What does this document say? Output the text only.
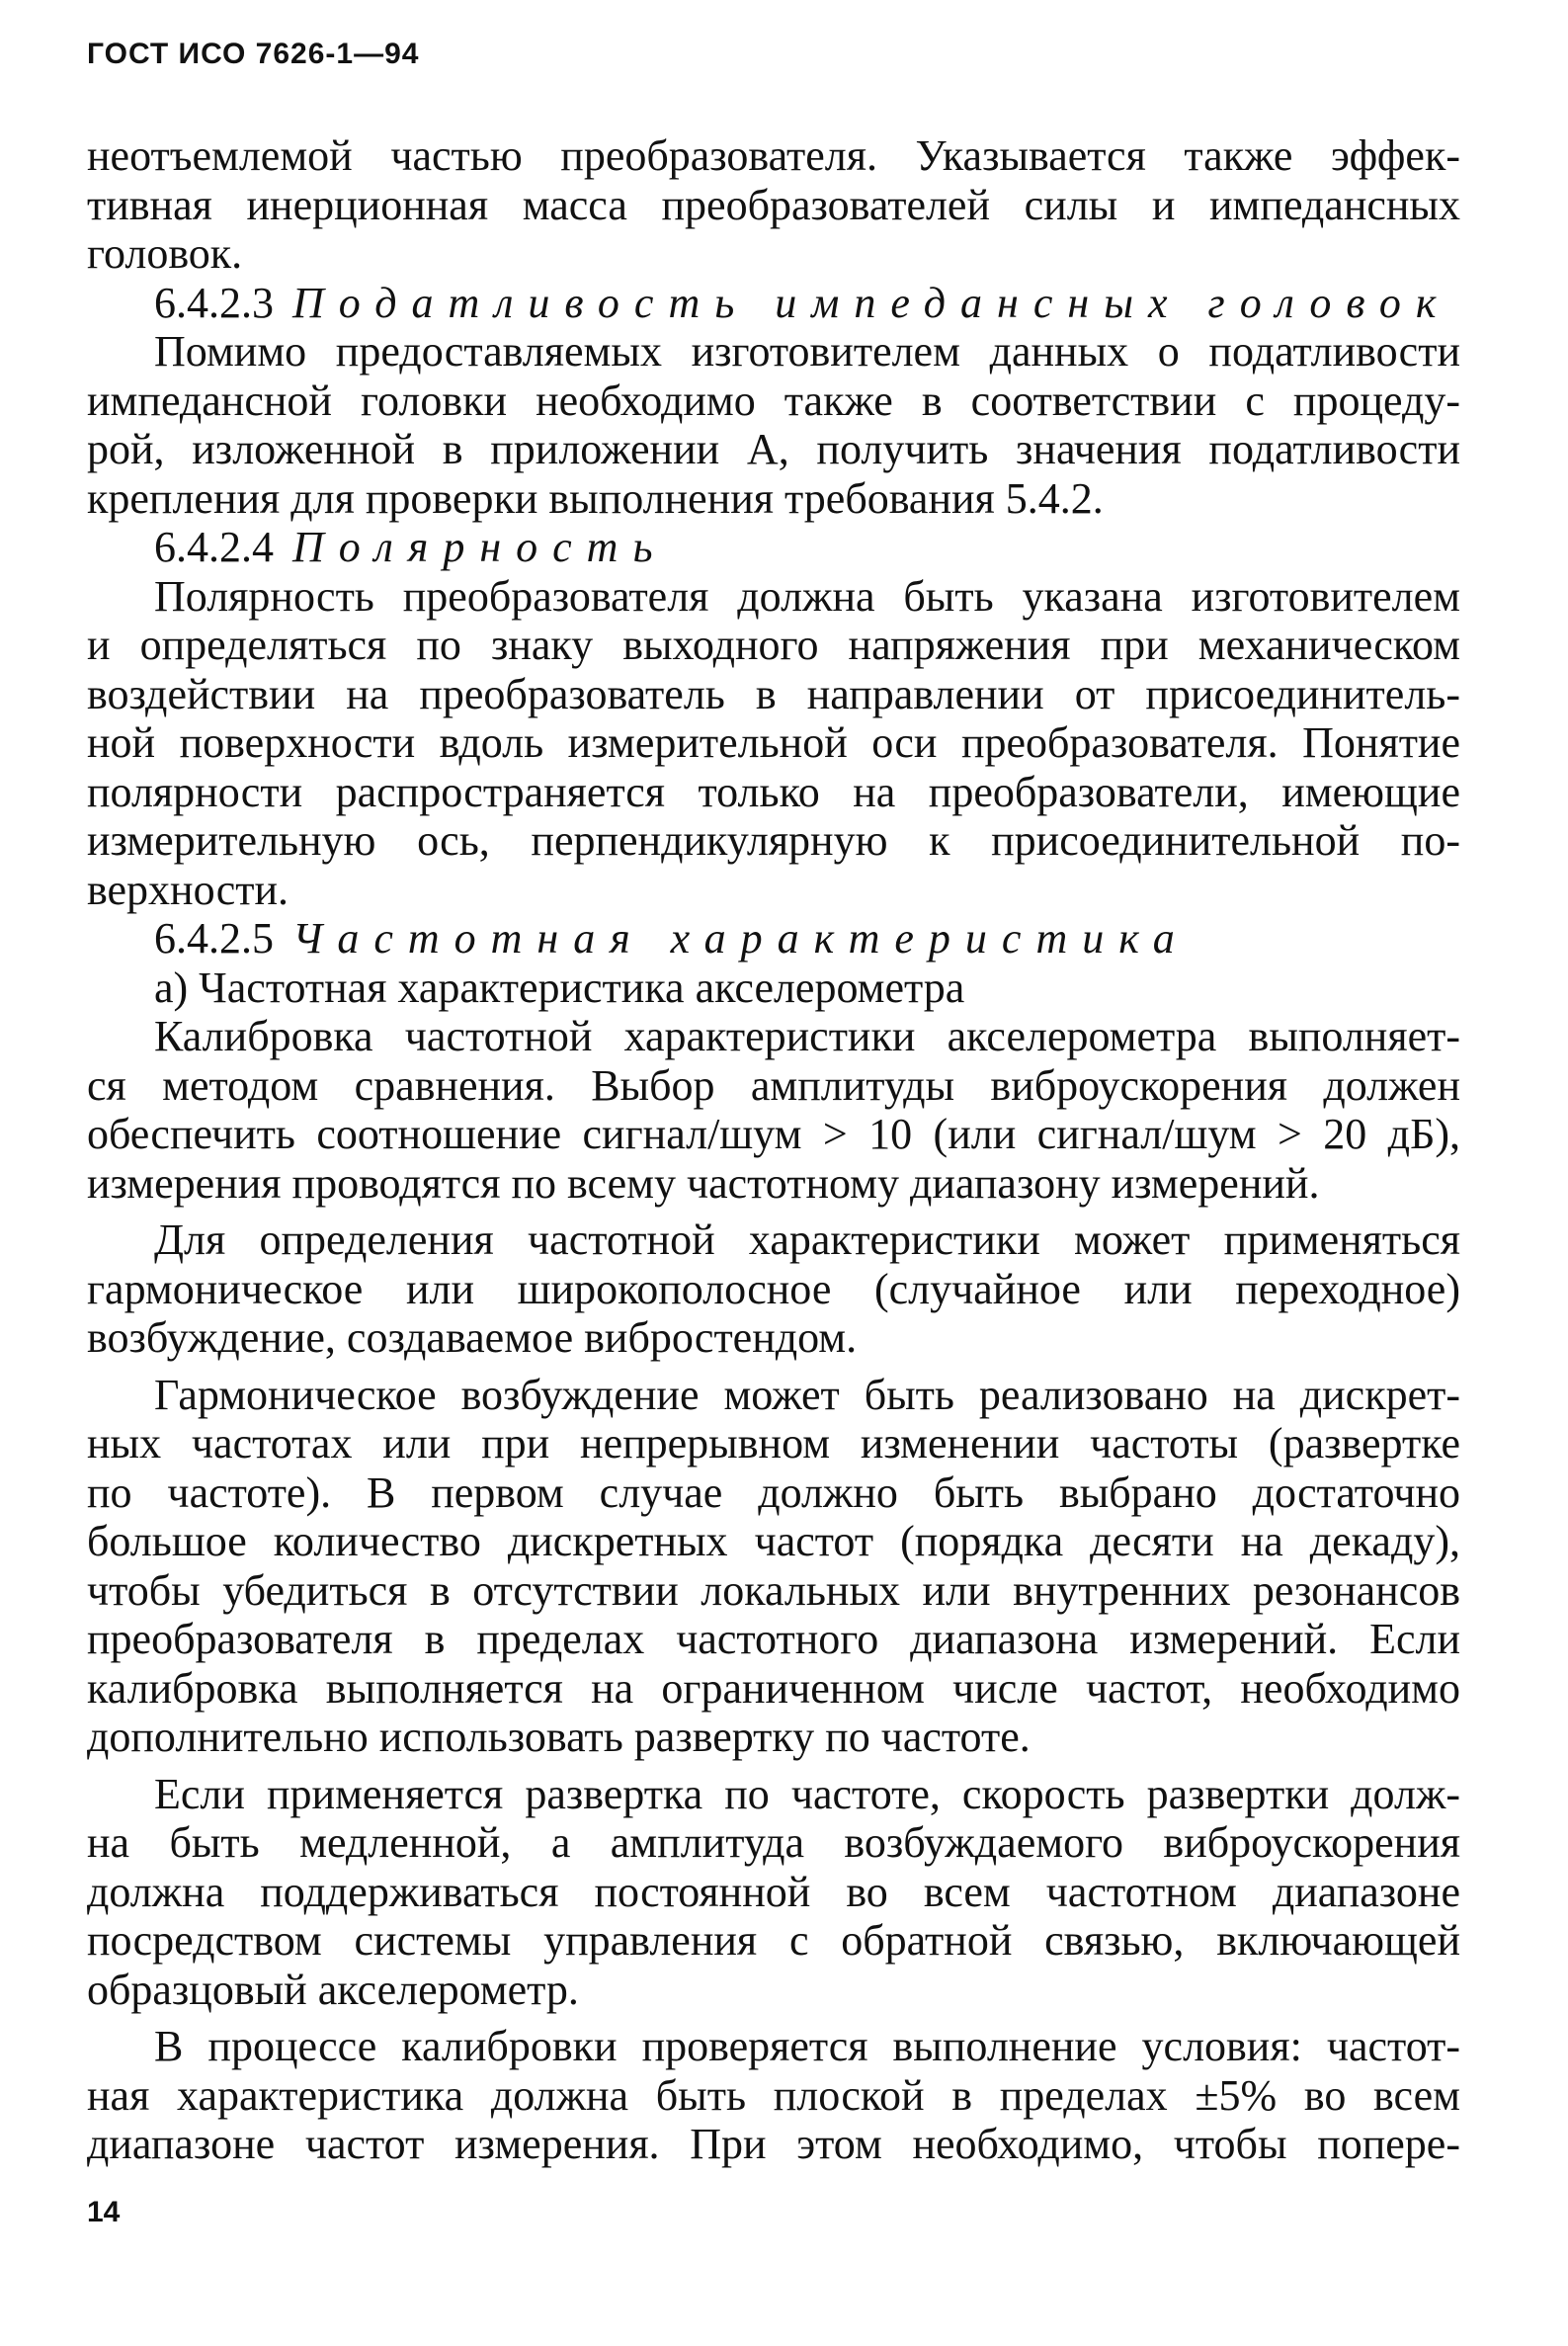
ГОСТ ИСО 7626-1—94
неотъемлемой частью преобразователя. Указывается также эффек-
тивная инерционная масса преобразователей силы и импедансных
головок.
6.4.2.3 Податливость импедансных головок
Помимо предоставляемых изготовителем данных о податливости
импедансной головки необходимо также в соответствии с процеду-
рой, изложенной в приложении А, получить значения податливости
крепления для проверки выполнения требования 5.4.2.
6.4.2.4 Полярность
Полярность преобразователя должна быть указана изготовителем
и определяться по знаку выходного напряжения при механическом
воздействии на преобразователь в направлении от присоединитель-
ной поверхности вдоль измерительной оси преобразователя. Понятие
полярности распространяется только на преобразователи, имеющие
измерительную ось, перпендикулярную к присоединительной по-
верхности.
6.4.2.5 Частотная характеристика
а) Частотная характеристика акселерометра
Калибровка частотной характеристики акселерометра выполняет-
ся методом сравнения. Выбор амплитуды виброускорения должен
обеспечить соотношение сигнал/шум > 10 (или сигнал/шум > 20 дБ),
измерения проводятся по всему частотному диапазону измерений.
Для определения частотной характеристики может применяться
гармоническое или широкополосное (случайное или переходное)
возбуждение, создаваемое вибростендом.
Гармоническое возбуждение может быть реализовано на дискрет-
ных частотах или при непрерывном изменении частоты (развертке
по частоте). В первом случае должно быть выбрано достаточно
большое количество дискретных частот (порядка десяти на декаду),
чтобы убедиться в отсутствии локальных или внутренних резонансов
преобразователя в пределах частотного диапазона измерений. Если
калибровка выполняется на ограниченном числе частот, необходимо
дополнительно использовать развертку по частоте.
Если применяется развертка по частоте, скорость развертки долж-
на быть медленной, а амплитуда возбуждаемого виброускорения
должна поддерживаться постоянной во всем частотном диапазоне
посредством системы управления с обратной связью, включающей
образцовый акселерометр.
В процессе калибровки проверяется выполнение условия: частот-
ная характеристика должна быть плоской в пределах ±5% во всем
диапазоне частот измерения. При этом необходимо, чтобы попере-
14
